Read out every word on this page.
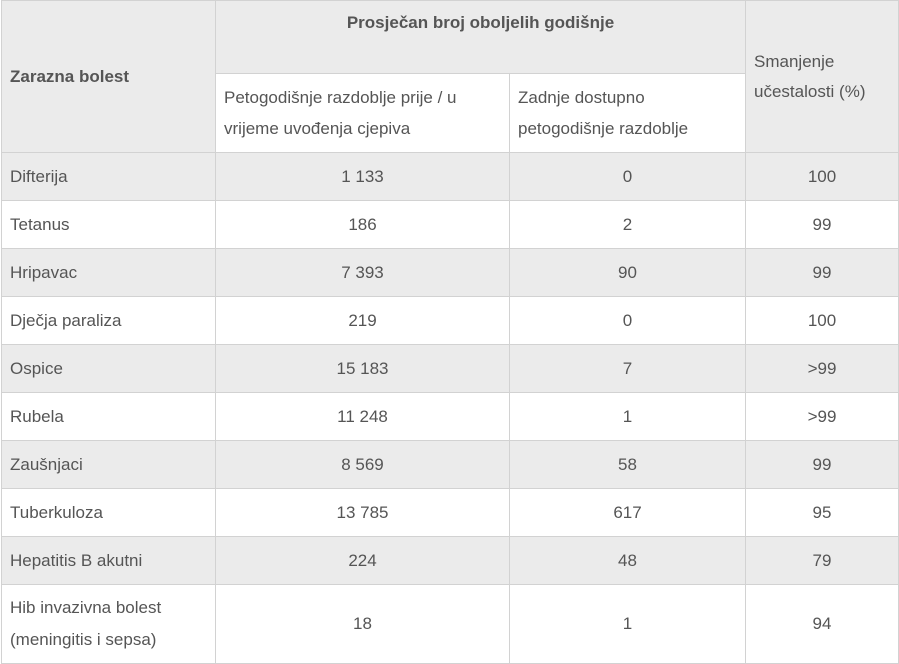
Zarazna bolest	Prosječan broj oboljelih godišnje		Smanjenje učestalosti (%)
	Petogodišnje razdoblje prije / u vrijeme uvođenja cjepiva	Zadnje dostupno petogodišnje razdoblje	
Difterija	1 133	0	100
Tetanus	186	2	99
Hripavac	7 393	90	99
Dječja paraliza	219	0	100
Ospice	15 183	7	>99
Rubela	11 248	1	>99
Zaušnjaci	8 569	58	99
Tuberkuloza	13 785	617	95
Hepatitis B akutni	224	48	79
Hib invazivna bolest (meningitis i sepsa)	18	1	94
